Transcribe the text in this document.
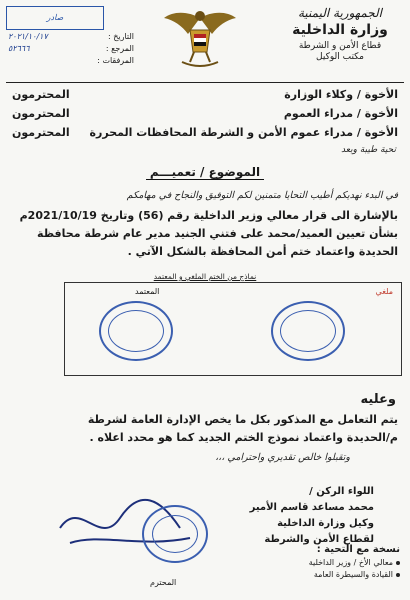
الجمهورية اليمنية
وزارة الداخلية
قطاع الأمن و الشرطة
مكتب الوكيل
صادر
التاريخ :
٢٠٢١/١٠/١٧
المرجع :
٥٢٦٦٦
المرفقات :
الأخوة / وكلاء الوزارة
المحترمون
الأخوة / مدراء العموم
المحترمون
الأخوة / مدراء عموم الأمن و الشرطة المحافظات المحررة
المحترمون
تحية طيبة وبعد
الموضوع / تعميـــم
في البدء نهديكم أطيب التحايا متمنين لكم التوفيق والنجاح في مهامكم
بالإشارة الى قرار معالي وزير الداخلية رقم (56) وتاريخ 2021/10/19م
بشأن تعيين العميد/محمد على فتني الجنيد مدير عام شرطة محافظة
الحديدة واعتماد ختم أمن المحافظة بالشكل الآتي .
نماذج من الختم الملغي و المعتمد
ملغي
المعتمد
وعليه
يتم التعامل مع المذكور بكل ما يخص الإدارة العامة لشرطة
م/الحديدة واعتماد نموذج الختم الجديد كما هو محدد اعلاه .
وتقبلوا خالص تقديري واحترامي ،،،
اللواء الركن /
محمد مساعد قاسم الأمير
وكيل وزارة الداخلية
لقطاع الأمن والشرطة
نسخة مع التحية :
معالي الأخ / وزير الداخلية
القيادة والسيطرة العامة
المحترم
